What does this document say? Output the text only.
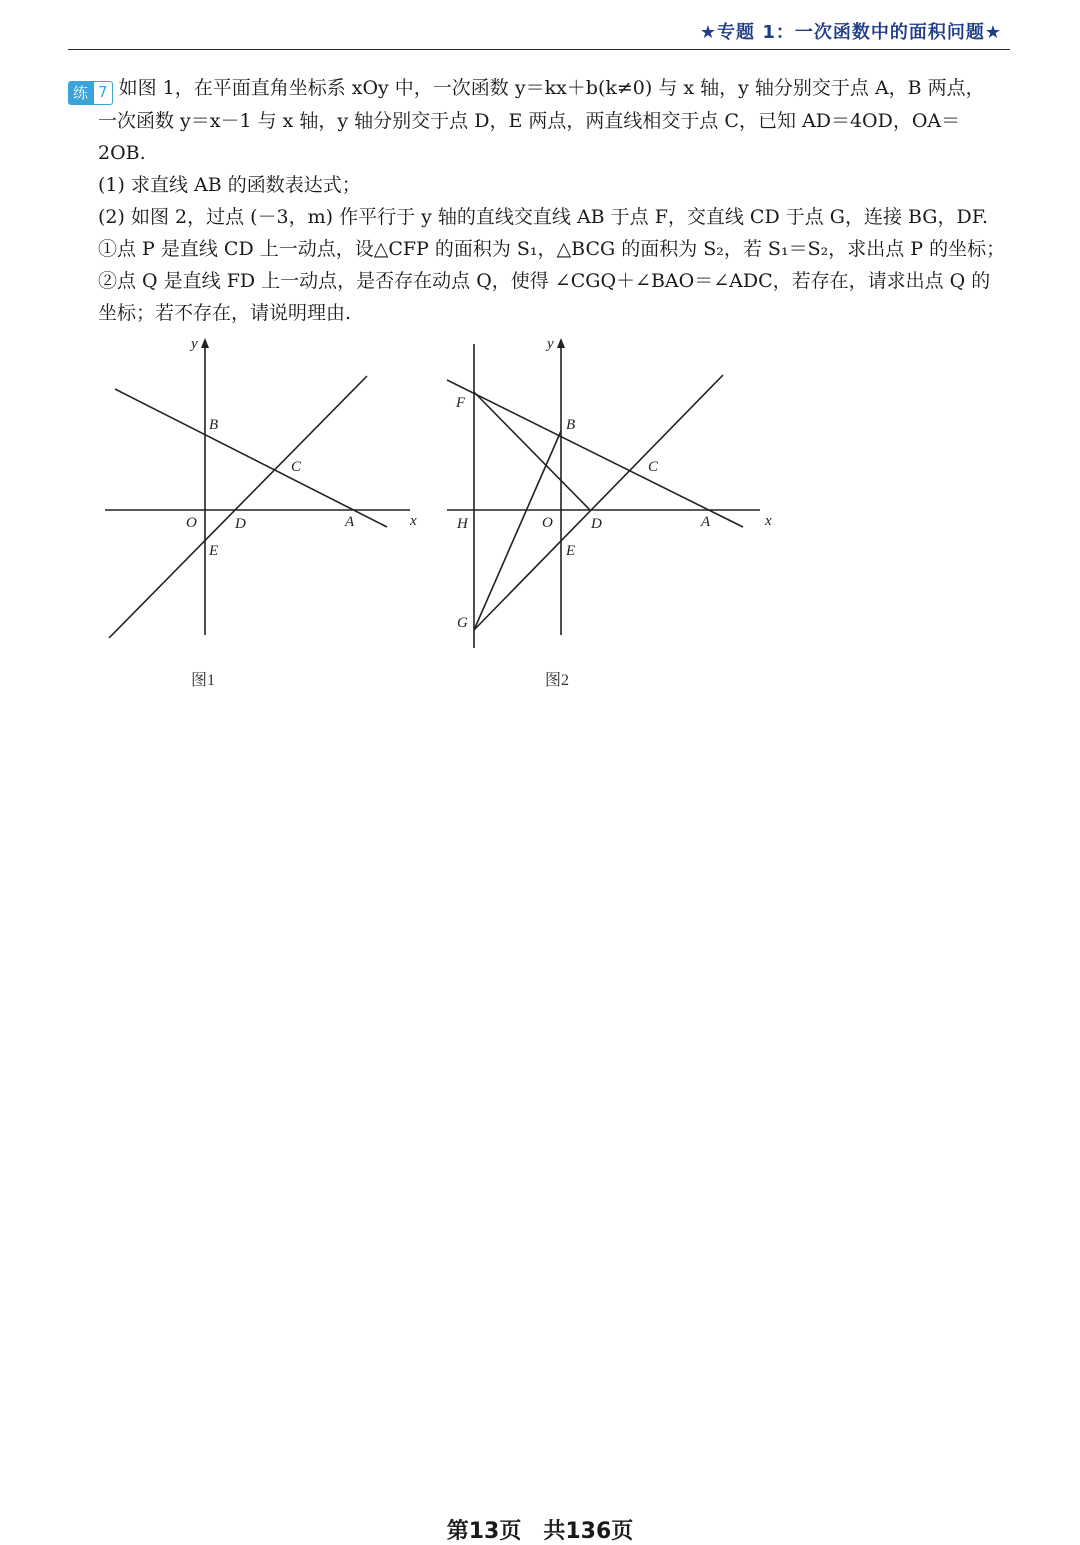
★专题 1：一次函数中的面积问题★

练 7 如图 1，在平面直角坐标系 xOy 中，一次函数 y＝kx＋b(k≠0) 与 x 轴，y 轴分别交于点 A，B 两点，

一次函数 y＝x－1 与 x 轴，y 轴分别交于点 D，E 两点，两直线相交于点 C，已知 AD＝4OD，OA＝

2OB.

(1) 求直线 AB 的函数表达式；

(2) 如图 2，过点 (－3，m) 作平行于 y 轴的直线交直线 AB 于点 F，交直线 CD 于点 G，连接 BG，DF.

①点 P 是直线 CD 上一动点，设△CFP 的面积为 S₁，△BCG 的面积为 S₂，若 S₁＝S₂，求出点 P 的坐标；

②点 Q 是直线 FD 上一动点，是否存在动点 Q，使得 ∠CGQ＋∠BAO＝∠ADC，若存在，请求出点 Q 的

坐标；若不存在，请说明理由.

y
x
B
C
O	D	A
E
图1
y
x
F
B
C
H	O	D	A
E
G
图2
第13页　共136页
